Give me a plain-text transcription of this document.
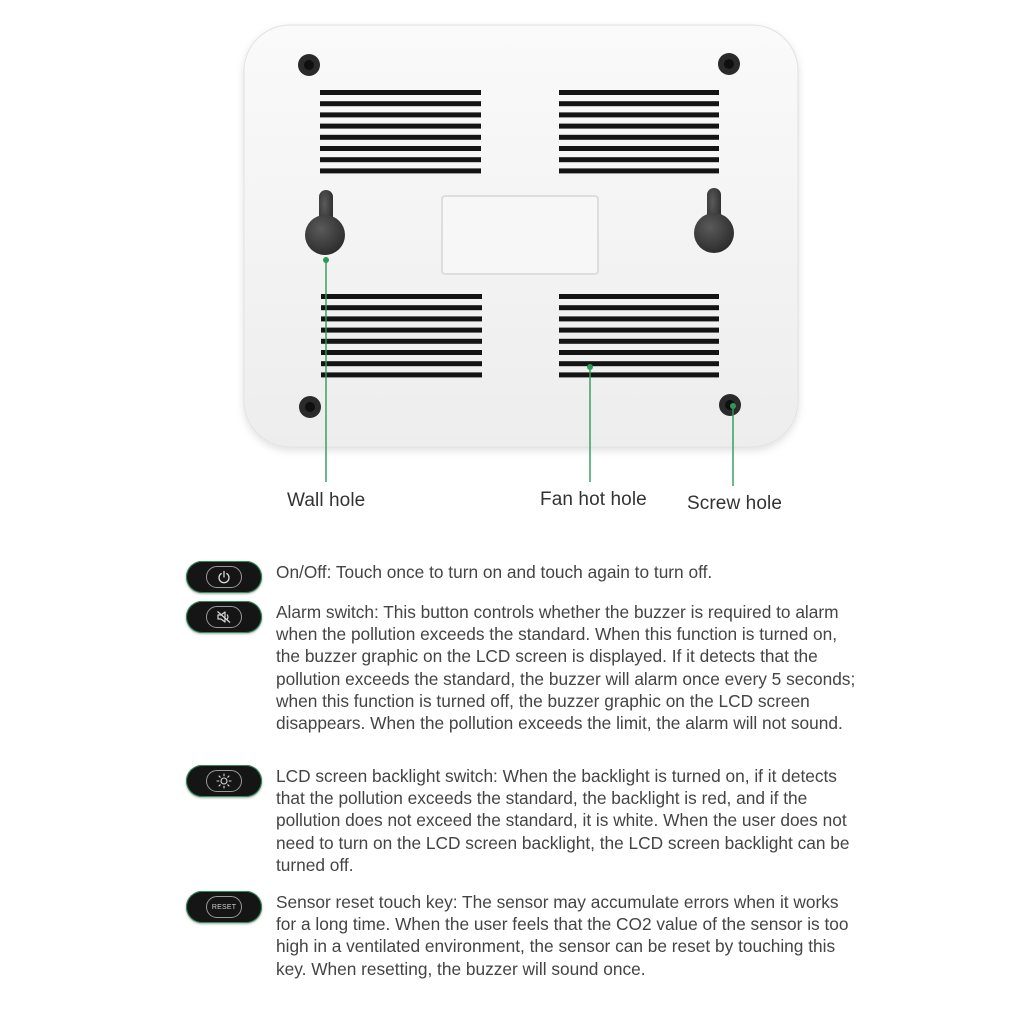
Wall hole	Fan hot hole Screw hole
On/Off: Touch once to turn on and touch again to turn off.
Alarm switch: This button controls whether the buzzer is required to alarm when the pollution exceeds the standard. When this function is turned on, the buzzer graphic on the LCD screen is displayed. If it detects that the pollution exceeds the standard, the buzzer will alarm once every 5 seconds; when this function is turned off, the buzzer graphic on the LCD screen disappears. When the pollution exceeds the limit, the alarm will not sound.
LCD screen backlight switch: When the backlight is turned on, if it detects that the pollution exceeds the standard, the backlight is red, and if the pollution does not exceed the standard, it is white. When the user does not need to turn on the LCD screen backlight, the LCD screen backlight can be turned off.
RESET Sensor reset touch key: The sensor may accumulate errors when it works for a long time. When the user feels that the CO2 value of the sensor is too high in a ventilated environment, the sensor can be reset by touching this key. When resetting, the buzzer will sound once.
